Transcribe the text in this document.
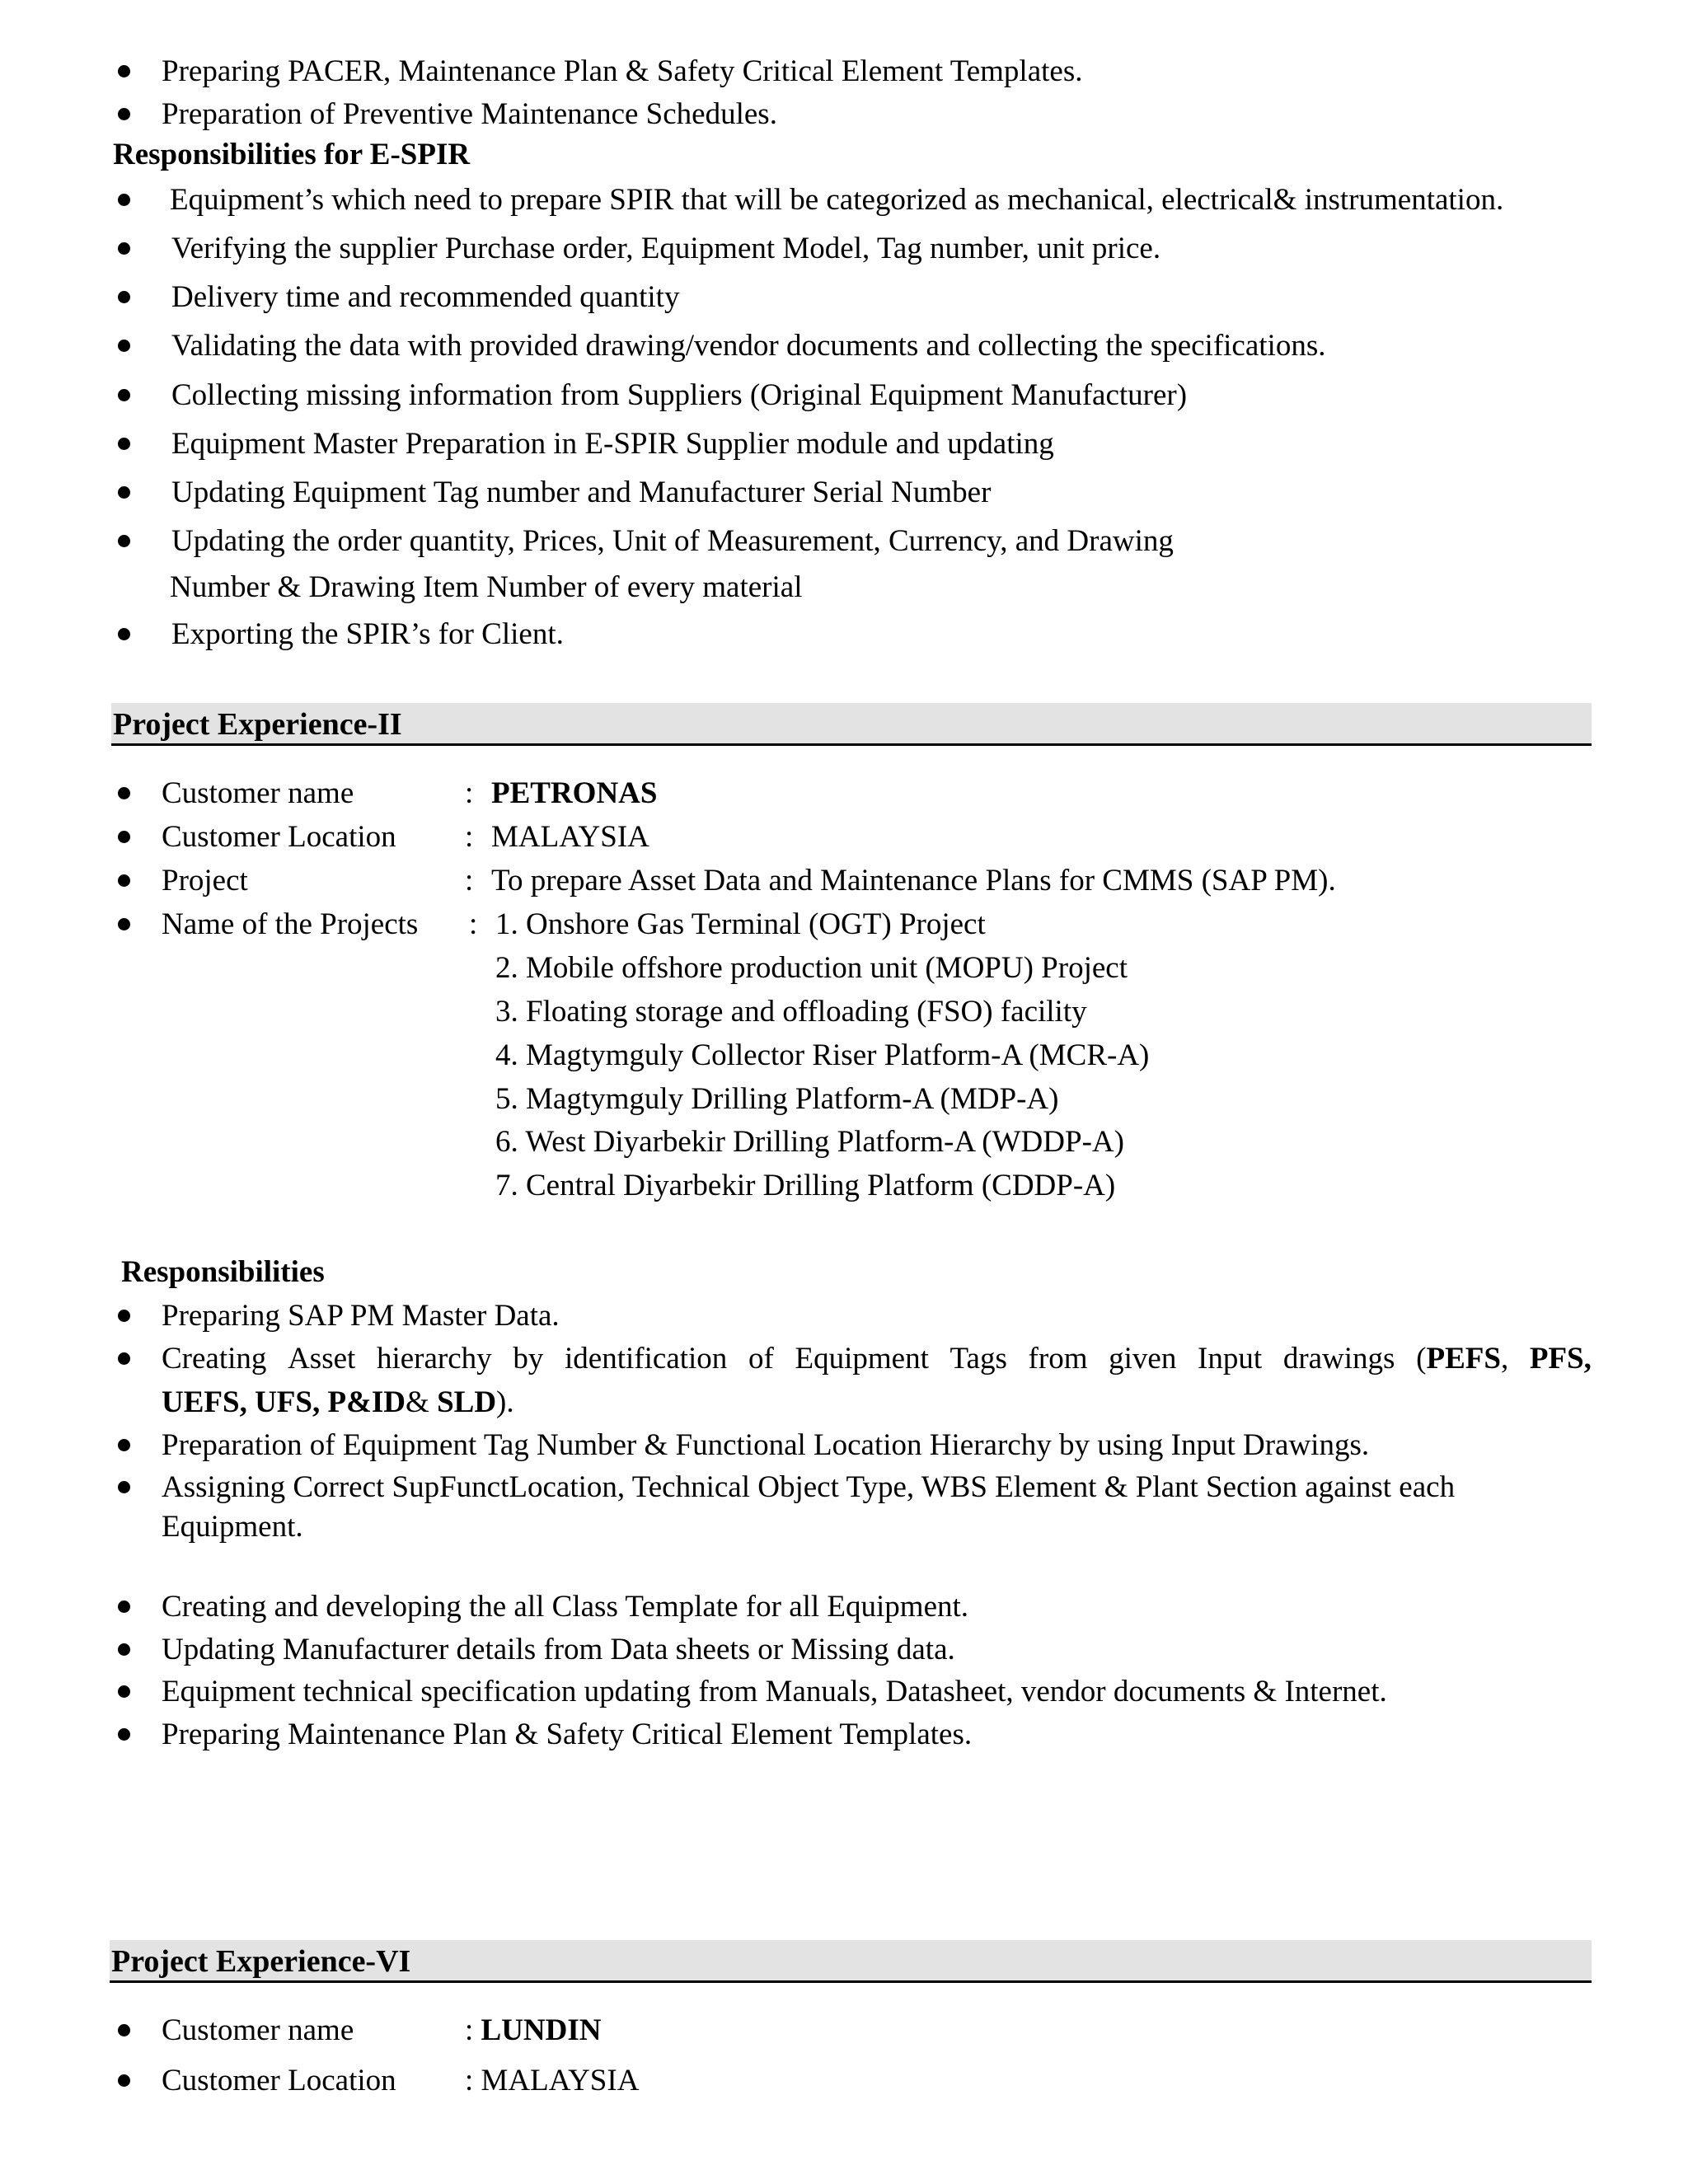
Preparing PACER, Maintenance Plan & Safety Critical Element Templates.
Preparation of Preventive Maintenance Schedules.
Responsibilities for E-SPIR
Equipment’s which need to prepare SPIR that will be categorized as mechanical, electrical& instrumentation.
Verifying the supplier Purchase order, Equipment Model, Tag number, unit price.
Delivery time and recommended quantity
Validating the data with provided drawing/vendor documents and collecting the specifications.
Collecting missing information from Suppliers (Original Equipment Manufacturer)
Equipment Master Preparation in E-SPIR Supplier module and updating
Updating Equipment Tag number and Manufacturer Serial Number
Updating the order quantity, Prices, Unit of Measurement, Currency, and Drawing
Number & Drawing Item Number of every material
Exporting the SPIR’s for Client.
Project Experience-II
Customer name	: PETRONAS
Customer Location : MALAYSIA
Project	: To prepare Asset Data and Maintenance Plans for CMMS (SAP PM).
Name of the Projects : 1. Onshore Gas Terminal (OGT) Project
2. Mobile offshore production unit (MOPU) Project
3. Floating storage and offloading (FSO) facility
4. Magtymguly Collector Riser Platform-A (MCR-A)
5. Magtymguly Drilling Platform-A (MDP-A)
6. West Diyarbekir Drilling Platform-A (WDDP-A)
7. Central Diyarbekir Drilling Platform (CDDP-A)
Responsibilities
Preparing SAP PM Master Data.
Creating Asset hierarchy by identification of Equipment Tags from given Input drawings (PEFS, PFS,
UEFS, UFS, P&ID& SLD).
Preparation of Equipment Tag Number & Functional Location Hierarchy by using Input Drawings.
Assigning Correct SupFunctLocation, Technical Object Type, WBS Element & Plant Section against each
Equipment.
Creating and developing the all Class Template for all Equipment.
Updating Manufacturer details from Data sheets or Missing data.
Equipment technical specification updating from Manuals, Datasheet, vendor documents & Internet.
Preparing Maintenance Plan & Safety Critical Element Templates.
Project Experience-VI
Customer name	: LUNDIN
Customer Location : MALAYSIA
